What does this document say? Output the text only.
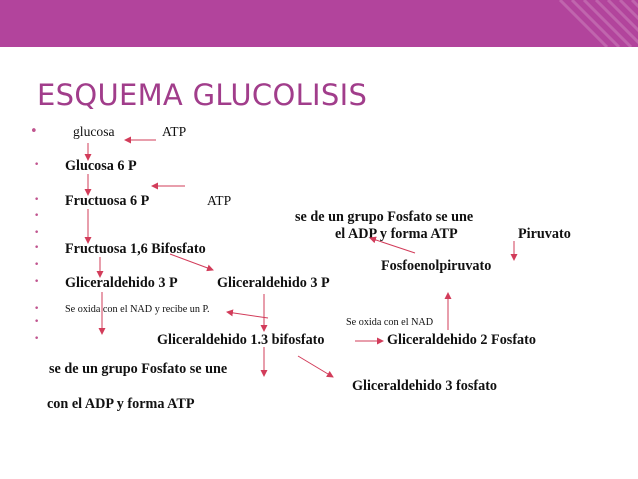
ESQUEMA GLUCOLISIS
•
•
•
•
•
•
•
•
•
•
•
glucosa	ATP
Glucosa 6 P
Fructuosa 6 P	ATP
se de un grupo Fosfato se une
el ADP y forma ATP	Piruvato
Fructuosa 1,6 Bifosfato
Fosfoenolpiruvato
Gliceraldehido 3 P	Gliceraldehido 3 P
Se oxida con el NAD y recibe un P.
Se oxida con el NAD
Gliceraldehido 1.3 bifosfato	Gliceraldehido 2 Fosfato
se de un grupo Fosfato se une
Gliceraldehido 3 fosfato
con el ADP y forma ATP
